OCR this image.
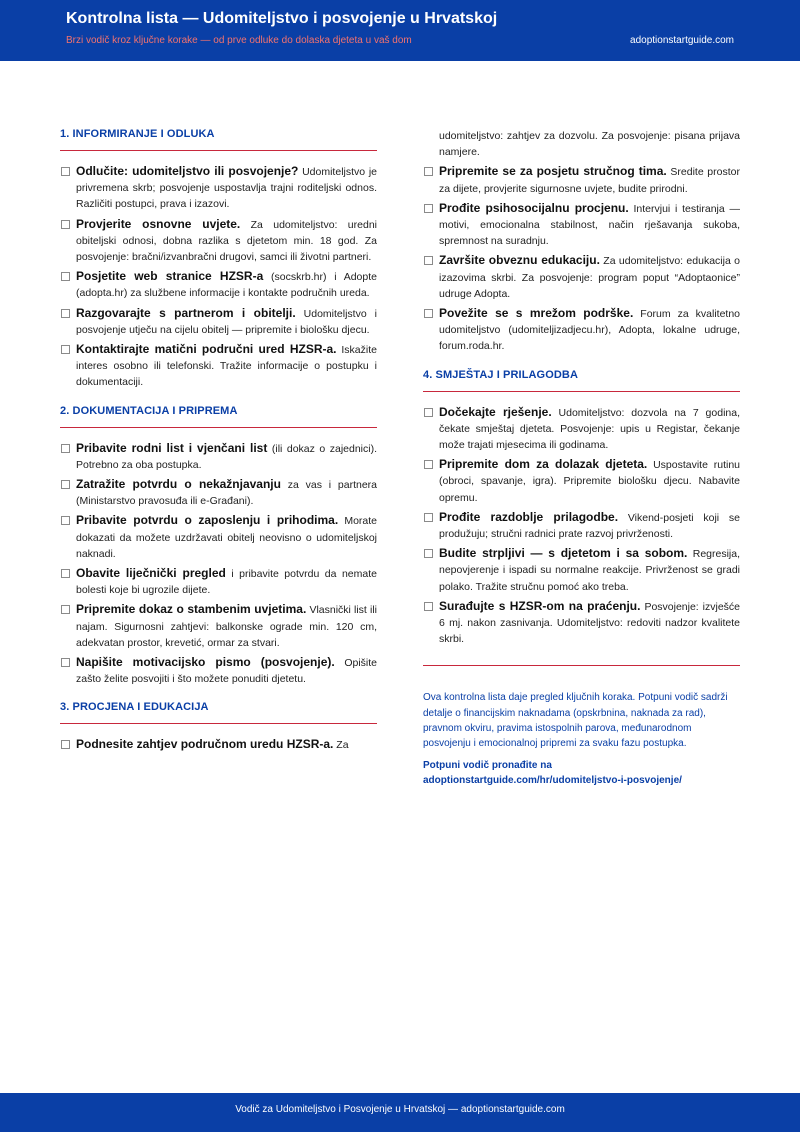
Kontrolna lista — Udomiteljstvo i posvojenje u Hrvatskoj
Brzi vodič kroz ključne korake — od prve odluke do dolaska djeteta u vaš dom	adoptionstartguide.com
1. INFORMIRANJE I ODLUKA
Odlučite: udomiteljstvo ili posvojenje? Udomiteljstvo je privremena skrb; posvojenje uspostavlja trajni roditeljski odnos. Različiti postupci, prava i izazovi.
Provjerite osnovne uvjete. Za udomiteljstvo: uredni obiteljski odnosi, dobna razlika s djetetom min. 18 god. Za posvojenje: bračni/izvanbračni drugovi, samci ili životni partneri.
Posjetite web stranice HZSR-a (socskrb.hr) i Adopte (adopta.hr) za službene informacije i kontakte područnih ureda.
Razgovarajte s partnerom i obitelji. Udomiteljstvo i posvojenje utječu na cijelu obitelj — pripremite i biološku djecu.
Kontaktirajte matični područni ured HZSR-a. Iskažite interes osobno ili telefonski. Tražite informacije o postupku i dokumentaciji.
2. DOKUMENTACIJA I PRIPREMA
Pribavite rodni list i vjenčani list (ili dokaz o zajednici). Potrebno za oba postupka.
Zatražite potvrdu o nekažnjavanju za vas i partnera (Ministarstvo pravosuđa ili e-Građani).
Pribavite potvrdu o zaposlenju i prihodima. Morate dokazati da možete uzdržavati obitelj neovisno o udomiteljskoj naknadi.
Obavite liječnički pregled i pribavite potvrdu da nemate bolesti koje bi ugrozile dijete.
Pripremite dokaz o stambenim uvjetima. Vlasnički list ili najam. Sigurnosni zahtjevi: balkonske ograde min. 120 cm, adekvatan prostor, krevetić, ormar za stvari.
Napišite motivacijsko pismo (posvojenje). Opišite zašto želite posvojiti i što možete ponuditi djetetu.
3. PROCJENA I EDUKACIJA
Podnesite zahtjev područnom uredu HZSR-a. Za
udomiteljstvo: zahtjev za dozvolu. Za posvojenje: pisana prijava namjere.
Pripremite se za posjetu stručnog tima. Sredite prostor za dijete, provjerite sigurnosne uvjete, budite prirodni.
Prođite psihosocijalnu procjenu. Intervjui i testiranja — motivi, emocionalna stabilnost, način rješavanja sukoba, spremnost na suradnju.
Završite obveznu edukaciju. Za udomiteljstvo: edukacija o izazovima skrbi. Za posvojenje: program poput “Adoptaonice” udruge Adopta.
Povežite se s mrežom podrške. Forum za kvalitetno udomiteljstvo (udomiteljizadjecu.hr), Adopta, lokalne udruge, forum.roda.hr.
4. SMJEŠTAJ I PRILAGODBA
Dočekajte rješenje. Udomiteljstvo: dozvola na 7 godina, čekate smještaj djeteta. Posvojenje: upis u Registar, čekanje može trajati mjesecima ili godinama.
Pripremite dom za dolazak djeteta. Uspostavite rutinu (obroci, spavanje, igra). Pripremite biološku djecu. Nabavite opremu.
Prođite razdoblje prilagodbe. Vikend-posjeti koji se produžuju; stručni radnici prate razvoj privrženosti.
Budite strpljivi — s djetetom i sa sobom. Regresija, nepovjerenje i ispadi su normalne reakcije. Privrženost se gradi polako. Tražite stručnu pomoć ako treba.
Surađujte s HZSR-om na praćenju. Posvojenje: izvješće 6 mj. nakon zasnivanja. Udomiteljstvo: redoviti nadzor kvalitete skrbi.
Ova kontrolna lista daje pregled ključnih koraka. Potpuni vodič sadrži detalje o financijskim naknadama (opskrbnina, naknada za rad), pravnom okviru, pravima istospolnih parova, međunarodnom posvojenju i emocionalnoj pripremi za svaku fazu postupka.
Potpuni vodič pronađite na
adoptionstartguide.com/hr/udomiteljstvo-i-posvojenje/
Vodič za Udomiteljstvo i Posvojenje u Hrvatskoj — adoptionstartguide.com
